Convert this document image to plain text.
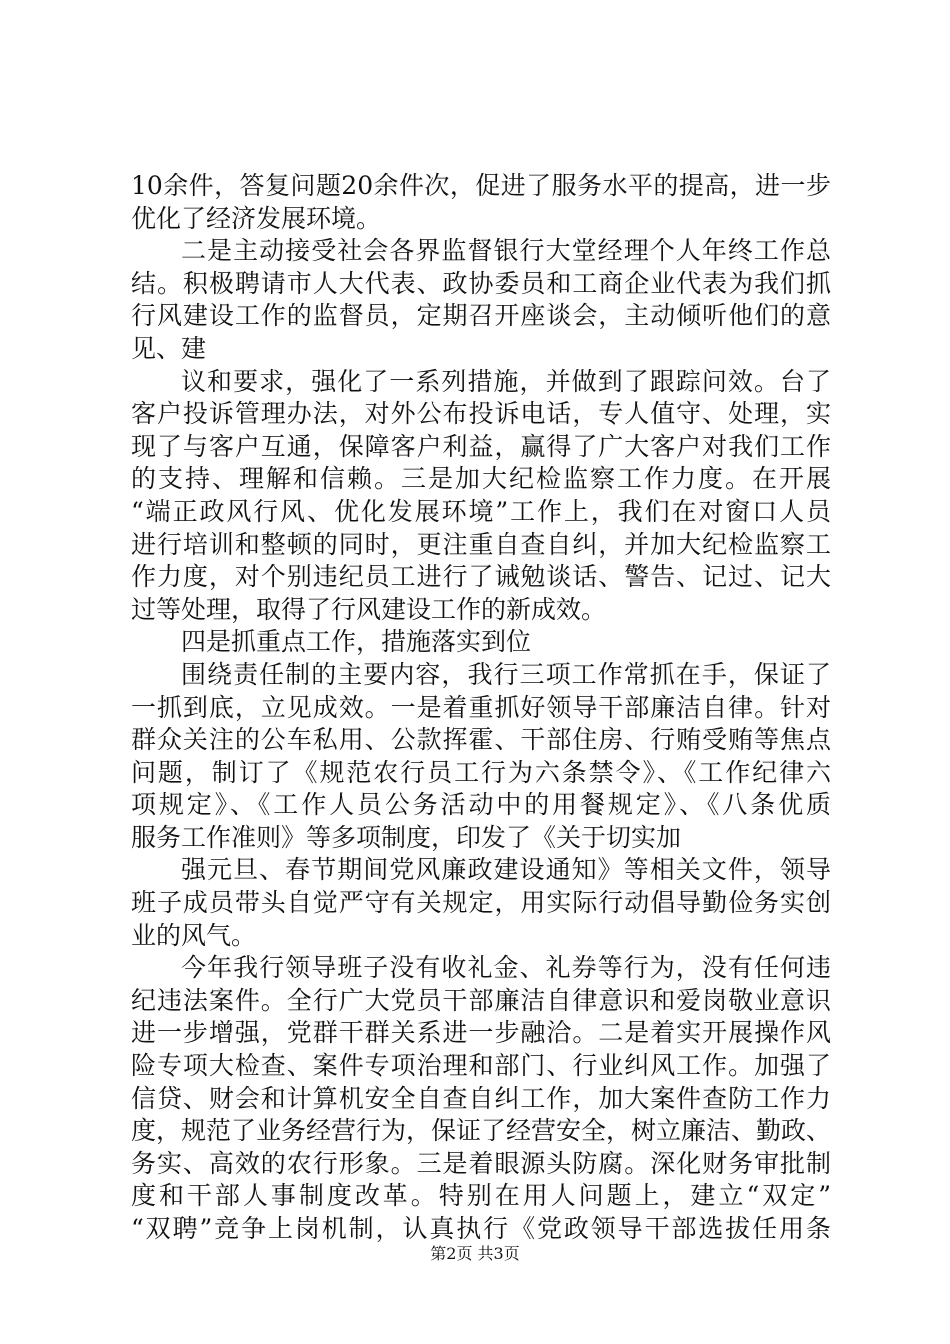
10余件，答复问题20余件次，促进了服务水平的提高，进一步
优化了经济发展环境。
二是主动接受社会各界监督银行大堂经理个人年终工作总
结。积极聘请市人大代表、政协委员和工商企业代表为我们抓
行风建设工作的监督员，定期召开座谈会，主动倾听他们的意
见、建
议和要求，强化了一系列措施，并做到了跟踪问效。台了
客户投诉管理办法，对外公布投诉电话，专人值守、处理，实
现了与客户互通，保障客户利益，赢得了广大客户对我们工作
的支持、理解和信赖。三是加大纪检监察工作力度。在开展
“端正政风行风、优化发展环境”工作上，我们在对窗口人员
进行培训和整顿的同时，更注重自查自纠，并加大纪检监察工
作力度，对个别违纪员工进行了诫勉谈话、警告、记过、记大
过等处理，取得了行风建设工作的新成效。
四是抓重点工作，措施落实到位
围绕责任制的主要内容，我行三项工作常抓在手，保证了
一抓到底，立见成效。一是着重抓好领导干部廉洁自律。针对
群众关注的公车私用、公款挥霍、干部住房、行贿受贿等焦点
问题，制订了《规范农行员工行为六条禁令》、《工作纪律六
项规定》、《工作人员公务活动中的用餐规定》、《八条优质
服务工作准则》等多项制度，印发了《关于切实加
强元旦、春节期间党风廉政建设通知》等相关文件，领导
班子成员带头自觉严守有关规定，用实际行动倡导勤俭务实创
业的风气。
今年我行领导班子没有收礼金、礼券等行为，没有任何违
纪违法案件。全行广大党员干部廉洁自律意识和爱岗敬业意识
进一步增强，党群干群关系进一步融洽。二是着实开展操作风
险专项大检查、案件专项治理和部门、行业纠风工作。加强了
信贷、财会和计算机安全自查自纠工作，加大案件查防工作力
度，规范了业务经营行为，保证了经营安全，树立廉洁、勤政、
务实、高效的农行形象。三是着眼源头防腐。深化财务审批制
度和干部人事制度改革。特别在用人问题上，建立“双定”
“双聘”竞争上岗机制，认真执行《党政领导干部选拔任用条
第2页 共3页
